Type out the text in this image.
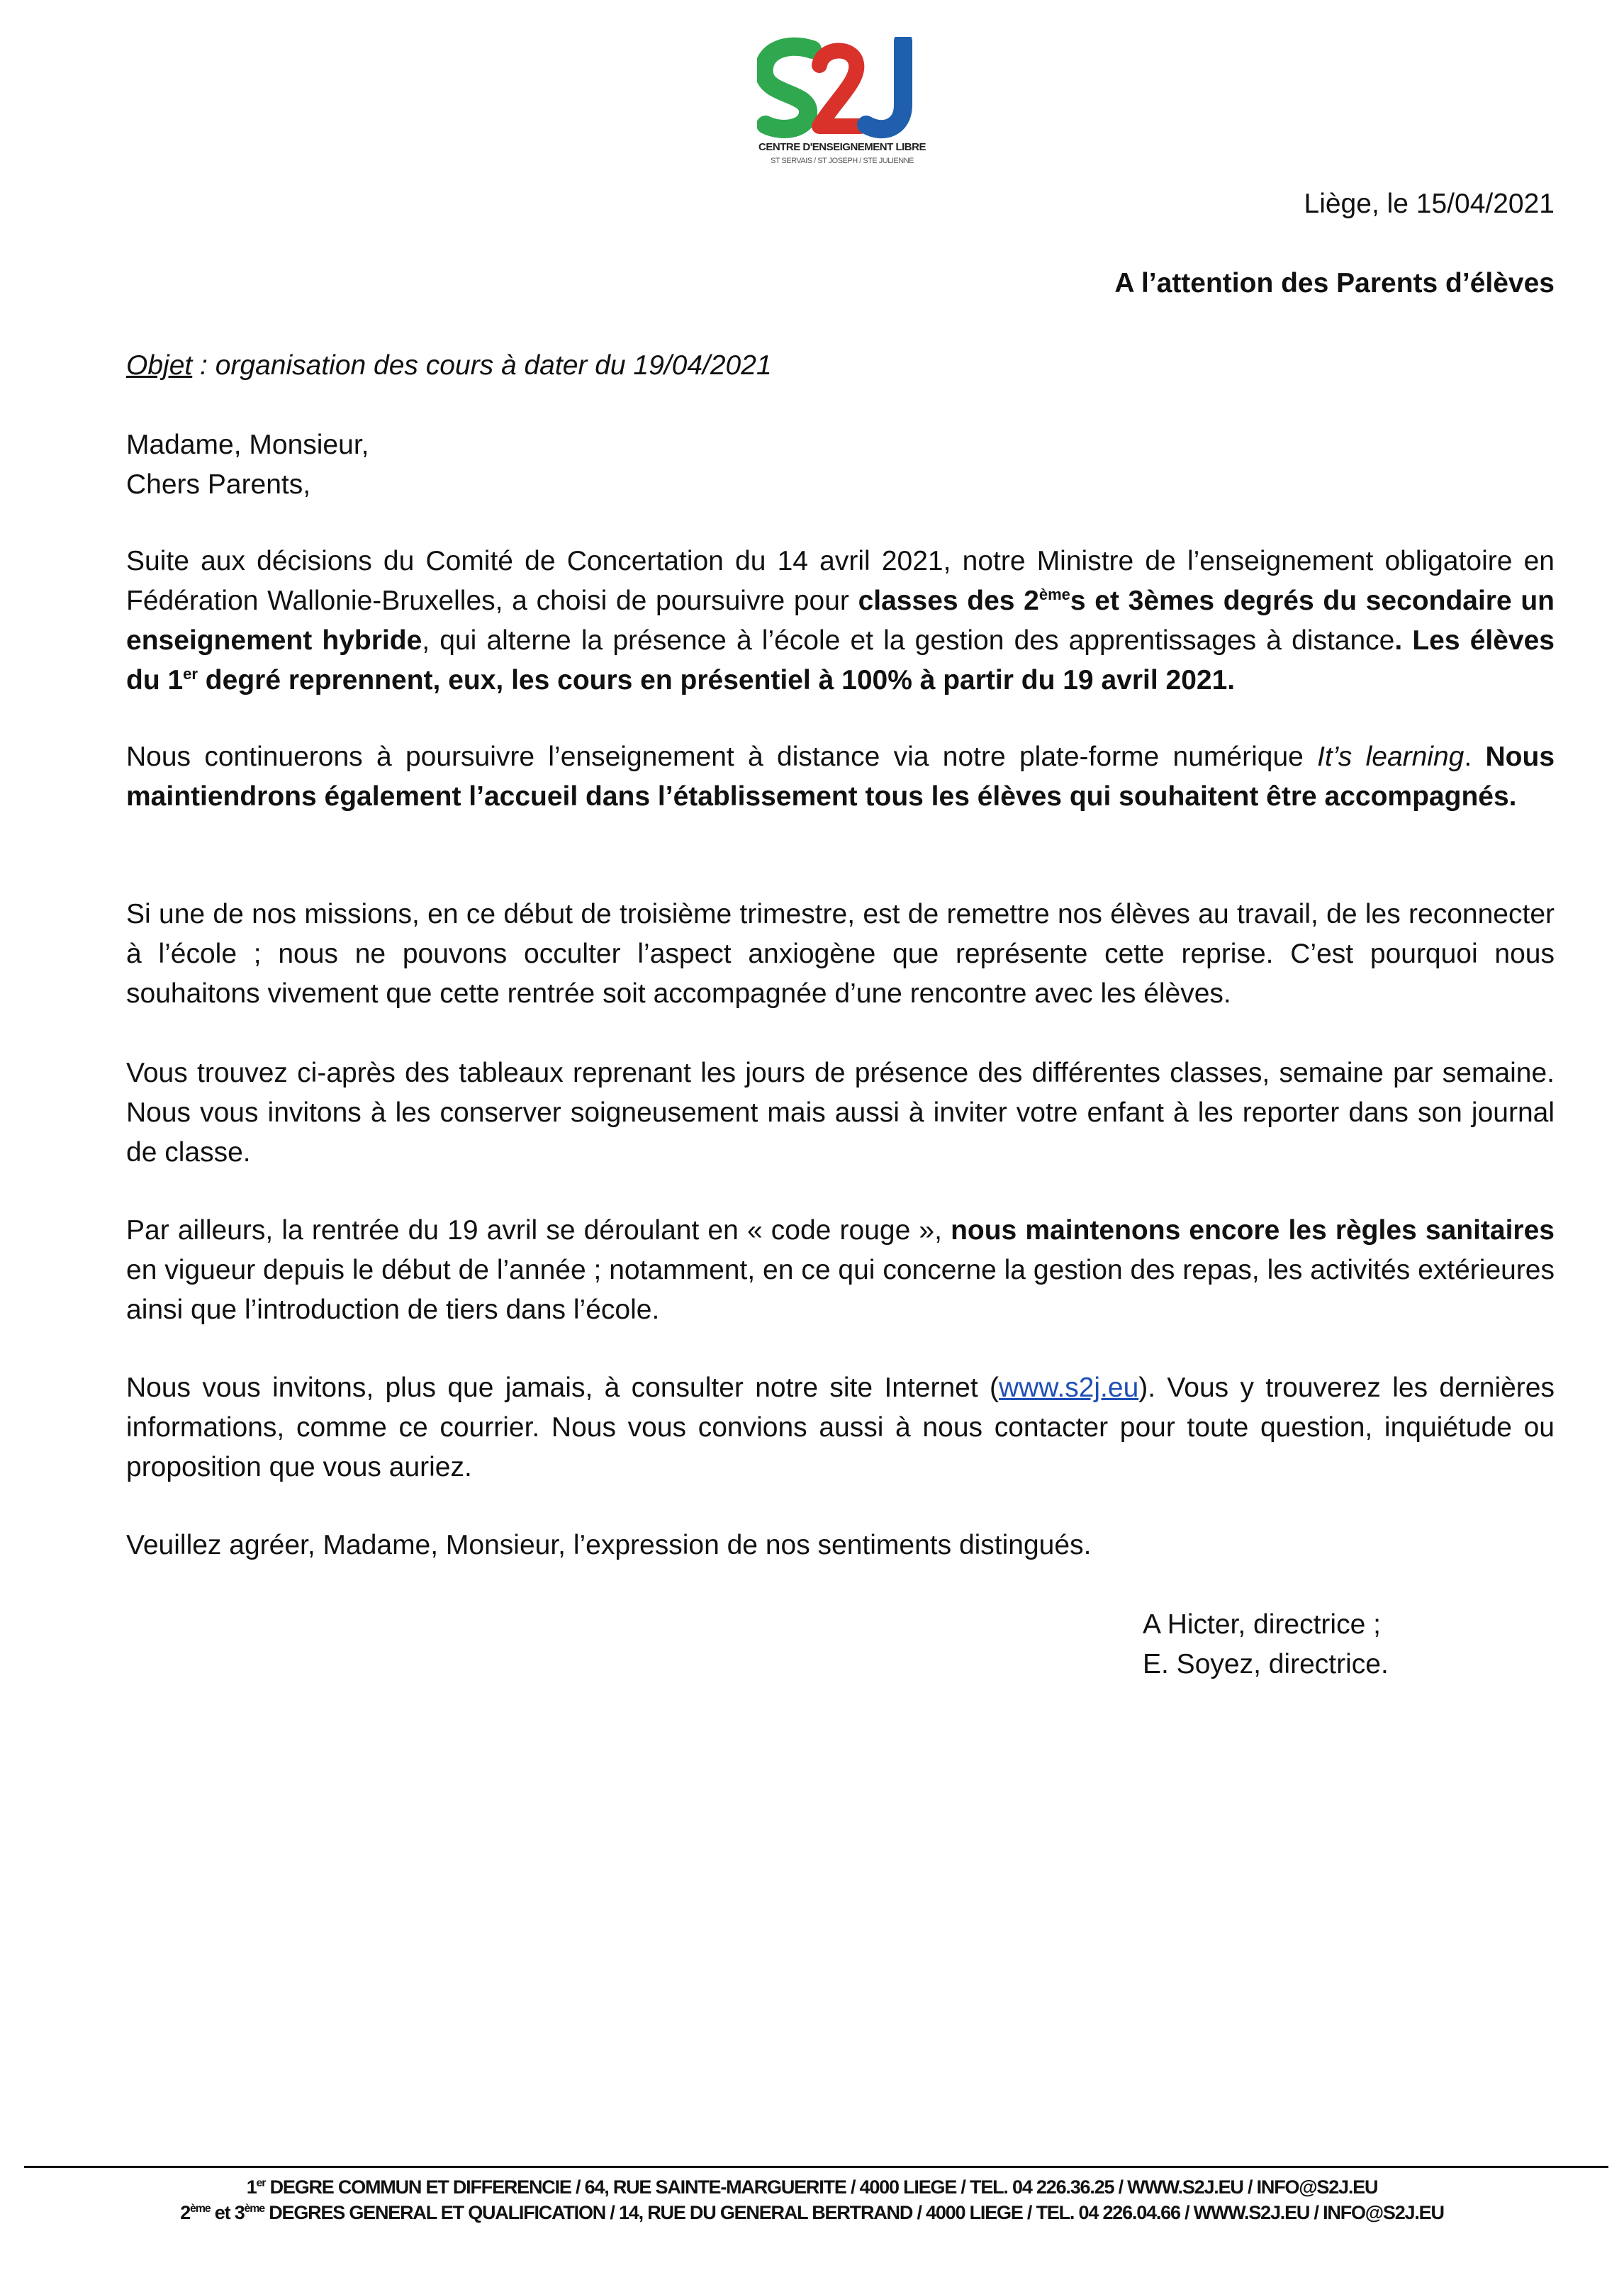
CENTRE D'ENSEIGNEMENT LIBRE
ST SERVAIS / ST JOSEPH / STE JULIENNE
Liège, le 15/04/2021
A l’attention des Parents d’élèves
Objet : organisation des cours à dater du 19/04/2021
Madame, Monsieur,
Chers Parents,

Suite aux décisions du Comité de Concertation du 14 avril 2021, notre Ministre de l’enseignement obligatoire en Fédération Wallonie-Bruxelles, a choisi de poursuivre pour classes des 2èmes et 3èmes degrés du secondaire un enseignement hybride, qui alterne la présence à l’école et la gestion des apprentissages à distance. Les élèves du 1er degré reprennent, eux, les cours en présentiel à 100% à partir du 19 avril 2021.

Nous continuerons à poursuivre l’enseignement à distance via notre plate-forme numérique It’s learning. Nous maintiendrons également l’accueil dans l’établissement tous les élèves qui souhaitent être accompagnés.

Si une de nos missions, en ce début de troisième trimestre, est de remettre nos élèves au travail, de les reconnecter à l’école ; nous ne pouvons occulter l’aspect anxiogène que représente cette reprise. C’est pourquoi nous souhaitons vivement que cette rentrée soit accompagnée d’une rencontre avec les élèves.

Vous trouvez ci-après des tableaux reprenant les jours de présence des différentes classes, semaine par semaine. Nous vous invitons à les conserver soigneusement mais aussi à inviter votre enfant à les reporter dans son journal de classe.

Par ailleurs, la rentrée du 19 avril se déroulant en « code rouge », nous maintenons encore les règles sanitaires en vigueur depuis le début de l’année ; notamment, en ce qui concerne la gestion des repas, les activités extérieures ainsi que l’introduction de tiers dans l’école.

Nous vous invitons, plus que jamais, à consulter notre site Internet (www.s2j.eu). Vous y trouverez les dernières informations, comme ce courrier. Nous vous convions aussi à nous contacter pour toute question, inquiétude ou proposition que vous auriez.

Veuillez agréer, Madame, Monsieur, l’expression de nos sentiments distingués.

A Hicter, directrice ;
E. Soyez, directrice.
1er DEGRE COMMUN ET DIFFERENCIE / 64, RUE SAINTE-MARGUERITE / 4000 LIEGE / TEL. 04 226.36.25 / WWW.S2J.EU / INFO@S2J.EU
2ème et 3ème DEGRES GENERAL ET QUALIFICATION / 14, RUE DU GENERAL BERTRAND / 4000 LIEGE / TEL. 04 226.04.66 / WWW.S2J.EU / INFO@S2J.EU
